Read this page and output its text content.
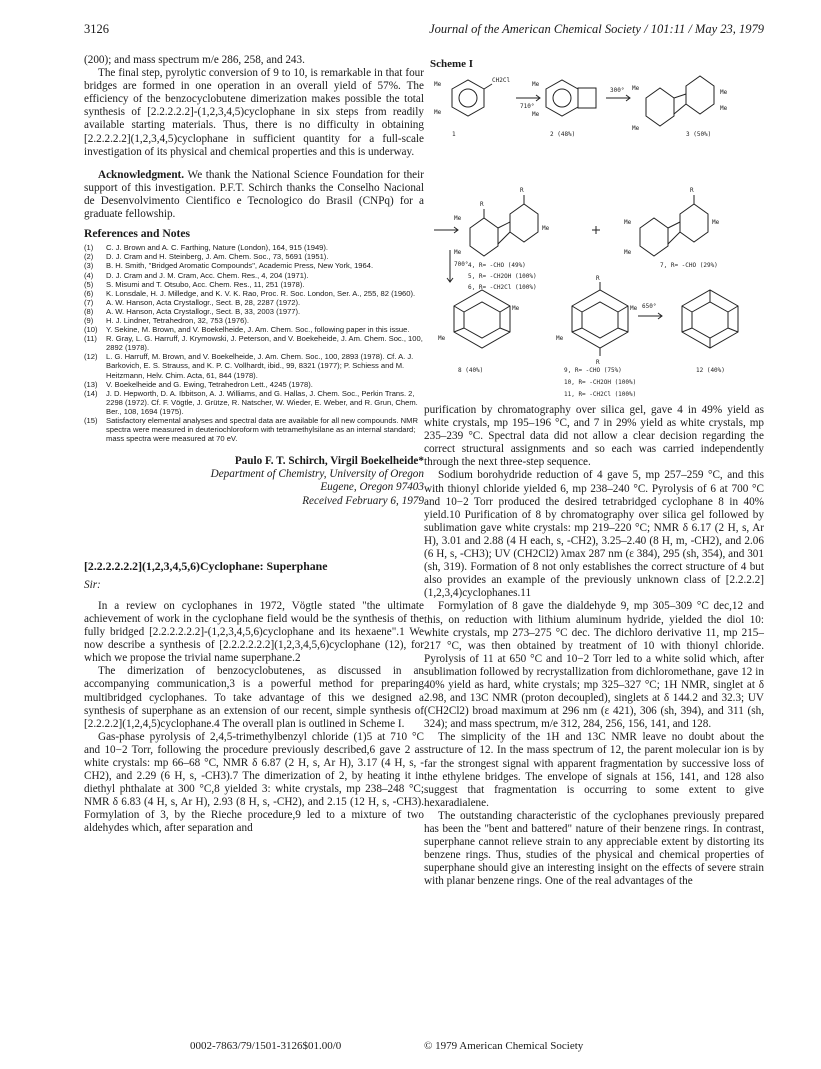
3126	Journal of the American Chemical Society / 101:11 / May 23, 1979

(200); and mass spectrum m/e 286, 258, and 243.

The final step, pyrolytic conversion of 9 to 10, is remarkable in that four bridges are formed in one operation in an overall yield of 57%. The efficiency of the benzocyclobutene dimerization makes possible the total synthesis of [2.2.2.2.2]-(1,2,3,4,5)cyclophane in six steps from readily available starting materials. Thus, there is no difficulty in obtaining [2.2.2.2.2](1,2,3,4,5)cyclophane in sufficient quantity for a full-scale investigation of its physical and chemical properties and this is underway.

Acknowledgment. We thank the National Science Foundation for their support of this investigation. P.F.T. Schirch thanks the Conselho Nacional de Desenvolvimento Cientifico e Tecnologico do Brasil (CNPq) for a graduate fellowship.

References and Notes
(1) C. J. Brown and A. C. Farthing, Nature (London), 164, 915 (1949).
(2) D. J. Cram and H. Steinberg, J. Am. Chem. Soc., 73, 5691 (1951).
(3) B. H. Smith, "Bridged Aromatic Compounds", Academic Press, New York, 1964.
(4) D. J. Cram and J. M. Cram, Acc. Chem. Res., 4, 204 (1971).
(5) S. Misumi and T. Otsubo, Acc. Chem. Res., 11, 251 (1978).
(6) K. Lonsdale, H. J. Milledge, and K. V. K. Rao, Proc. R. Soc. London, Ser. A., 255, 82 (1960).
(7) A. W. Hanson, Acta Crystallogr., Sect. B, 28, 2287 (1972).
(8) A. W. Hanson, Acta Crystallogr., Sect. B, 33, 2003 (1977).
(9) H. J. Lindner, Tetrahedron, 32, 753 (1976).
(10) Y. Sekine, M. Brown, and V. Boekelheide, J. Am. Chem. Soc., following paper in this issue.
(11) R. Gray, L. G. Harruff, J. Krymowski, J. Peterson, and V. Boekeheide, J. Am. Chem. Soc., 100, 2892 (1978).
(12) L. G. Harruff, M. Brown, and V. Boekelheide, J. Am. Chem. Soc., 100, 2893 (1978). Cf. A. J. Barkovich, E. S. Strauss, and K. P. C. Vollhardt, ibid., 99, 8321 (1977); P. Schiess and M. Heitzmann, Helv. Chim. Acta, 61, 844 (1978).
(13) V. Boekelheide and G. Ewing, Tetrahedron Lett., 4245 (1978).
(14) J. D. Hepworth, D. A. Ibbitson, A. J. Williams, and G. Hallas, J. Chem. Soc., Perkin Trans. 2, 2298 (1972). Cf. F. Vögtle, J. Grütze, R. Natscher, W. Wieder, E. Weber, and R. Grun, Chem. Ber., 108, 1694 (1975).
(15) Satisfactory elemental analyses and spectral data are available for all new compounds. NMR spectra were measured in deuteriochloroform with tetramethylsilane as an internal standard; mass spectra were measured at 70 eV.
Paulo F. T. Schirch, Virgil Boekelheide*
Department of Chemistry, University of Oregon
Eugene, Oregon 97403
Received February 6, 1979
[2.2.2.2.2.2](1,2,3,4,5,6)Cyclophane: Superphane
Sir:

In a review on cyclophanes in 1972, Vögtle stated "the ultimate achievement of work in the cyclophane field would be the synthesis of the fully bridged [2.2.2.2.2.2]-(1,2,3,4,5,6)cyclophane and its hexaene".1 We now describe a synthesis of [2.2.2.2.2.2](1,2,3,4,5,6)cyclophane (12), for which we propose the trivial name superphane.2

The dimerization of benzocyclobutenes, as discussed in an accompanying communication,3 is a powerful method for preparing multibridged cyclophanes. To take advantage of this we designed a synthesis of superphane as an extension of our recent, simple synthesis of [2.2.2.2](1,2,4,5)cyclophane.4 The overall plan is outlined in Scheme I.

Gas-phase pyrolysis of 2,4,5-trimethylbenzyl chloride (1)5 at 710 °C and 10−2 Torr, following the procedure previously described,6 gave 2 as white crystals: mp 66–68 °C, NMR δ 6.87 (2 H, s, Ar H), 3.17 (4 H, s, -CH2), and 2.29 (6 H, s, -CH3).7 The dimerization of 2, by heating it in diethyl phthalate at 300 °C,8 yielded 3: white crystals, mp 238–248 °C; NMR δ 6.83 (4 H, s, Ar H), 2.93 (8 H, s, -CH2), and 2.15 (12 H, s, -CH3). Formylation of 3, by the Rieche procedure,9 led to a mixture of two aldehydes which, after separation and

Scheme I
Me
Me
CH2Cl
710°
Me
Me
300° Me
Me
Me
Me
1	2 (48%)	3 (50%)
R
R
Me
Me
Me
R
Me	Me
Me
4, R= -CHO (49%)
5, R= -CH2OH (100%)
6, R= -CH2Cl (100%)
7, R= -CHO (29%)
700°
Me
Me
R
R
Me
Me
650°
8 (40%)	9, R= -CHO (75%)
10, R= -CH2OH (100%)
11, R= -CH2Cl (100%)
12 (40%)

purification by chromatography over silica gel, gave 4 in 49% yield as white crystals, mp 195–196 °C, and 7 in 29% yield as white crystals, mp 235–239 °C. Spectral data did not allow a clear decision regarding the correct structural assignments and so each was carried independently through the next three-step sequence.

Sodium borohydride reduction of 4 gave 5, mp 257–259 °C, and this with thionyl chloride yielded 6, mp 238–240 °C. Pyrolysis of 6 at 700 °C and 10−2 Torr produced the desired tetrabridged cyclophane 8 in 40% yield.10 Purification of 8 by chromatography over silica gel followed by sublimation gave white crystals: mp 219–220 °C; NMR δ 6.17 (2 H, s, Ar H), 3.01 and 2.88 (4 H each, s, -CH2), 3.25–2.40 (8 H, m, -CH2), and 2.06 (6 H, s, -CH3); UV (CH2Cl2) λmax 287 nm (ε 384), 295 (sh, 354), and 301 (sh, 319). Formation of 8 not only establishes the correct structure of 4 but also provides an example of the previously unknown class of [2.2.2.2](1,2,3,4)cyclophanes.11

Formylation of 8 gave the dialdehyde 9, mp 305–309 °C dec,12 and this, on reduction with lithium aluminum hydride, yielded the diol 10: white crystals, mp 273–275 °C dec. The dichloro derivative 11, mp 215–217 °C, was then obtained by treatment of 10 with thionyl chloride. Pyrolysis of 11 at 650 °C and 10−2 Torr led to a white solid which, after sublimation followed by recrystallization from dichloromethane, gave 12 in 40% yield as hard, white crystals; mp 325–327 °C; 1H NMR, singlet at δ 2.98, and 13C NMR (proton decoupled), singlets at δ 144.2 and 32.3; UV (CH2Cl2) broad maximum at 296 nm (ε 421), 306 (sh, 394), and 311 (sh, 324); and mass spectrum, m/e 312, 284, 256, 156, 141, and 128.

The simplicity of the 1H and 13C NMR leave no doubt about the structure of 12. In the mass spectrum of 12, the parent molecular ion is by far the strongest signal with apparent fragmentation by successive loss of the ethylene bridges. The envelope of signals at 156, 141, and 128 also suggest that fragmentation is occurring to some extent to give hexaradialene.

The outstanding characteristic of the cyclophanes previously prepared has been the "bent and battered" nature of their benzene rings. In contrast, superphane cannot relieve strain to any appreciable extent by distorting its benzene rings. Thus, studies of the physical and chemical properties of superphane should give an interesting insight on the effects of severe strain with planar benzene rings. One of the real advantages of the

0002-7863/79/1501-3126$01.00/0	© 1979 American Chemical Society
